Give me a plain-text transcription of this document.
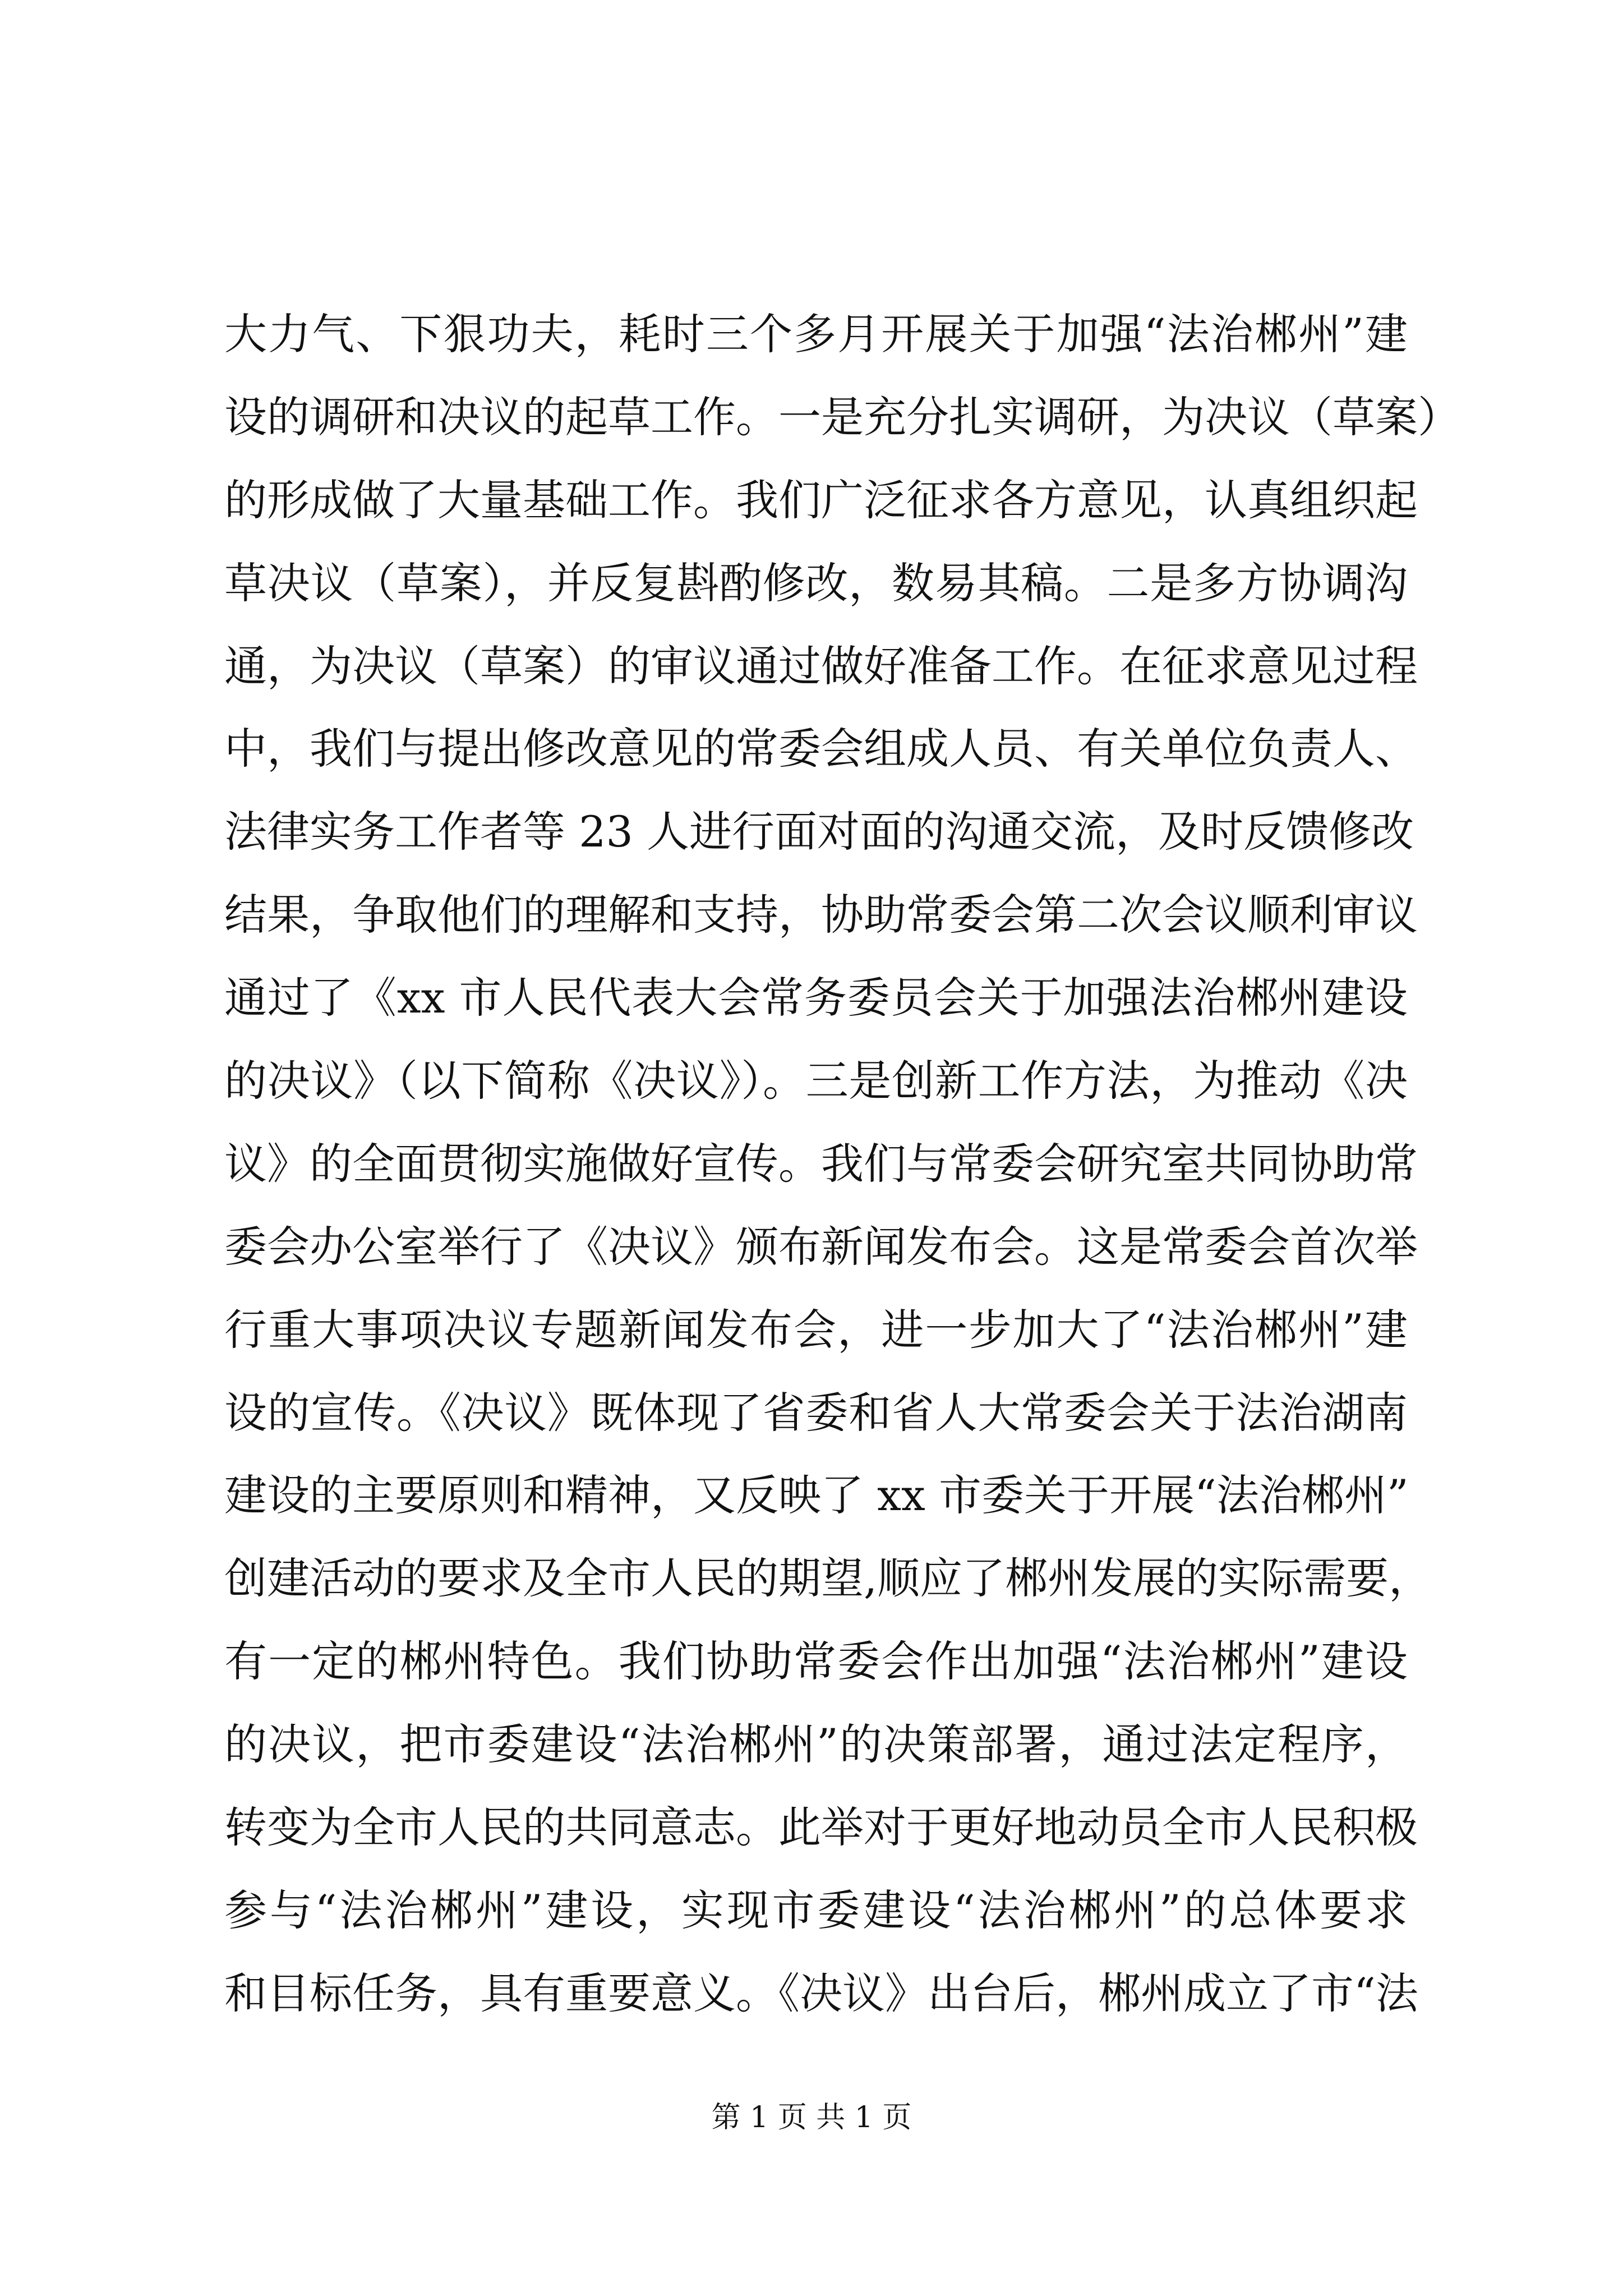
大力气、下狠功夫，耗时三个多月开展关于加强“法治郴州”建
设的调研和决议的起草工作。一是充分扎实调研，为决议（草案）
的形成做了大量基础工作。我们广泛征求各方意见，认真组织起
草决议（草案），并反复斟酌修改，数易其稿。二是多方协调沟
通，为决议（草案）的审议通过做好准备工作。在征求意见过程
中，我们与提出修改意见的常委会组成人员、有关单位负责人、
法律实务工作者等 23 人进行面对面的沟通交流，及时反馈修改
结果，争取他们的理解和支持，协助常委会第二次会议顺利审议
通过了《xx 市人民代表大会常务委员会关于加强法治郴州建设
的决议》（以下简称《决议》）。三是创新工作方法，为推动《决
议》的全面贯彻实施做好宣传。我们与常委会研究室共同协助常
委会办公室举行了《决议》颁布新闻发布会。这是常委会首次举
行重大事项决议专题新闻发布会，进一步加大了“法治郴州”建
设的宣传。《决议》既体现了省委和省人大常委会关于法治湖南
建设的主要原则和精神，又反映了 xx 市委关于开展“法治郴州”
创建活动的要求及全市人民的期望,顺应了郴州发展的实际需要，
有一定的郴州特色。我们协助常委会作出加强“法治郴州”建设
的决议，把市委建设“法治郴州”的决策部署，通过法定程序，
转变为全市人民的共同意志。此举对于更好地动员全市人民积极
参与“法治郴州”建设，实现市委建设“法治郴州”的总体要求
和目标任务，具有重要意义。《决议》出台后，郴州成立了市“法
第 1 页 共 1 页
